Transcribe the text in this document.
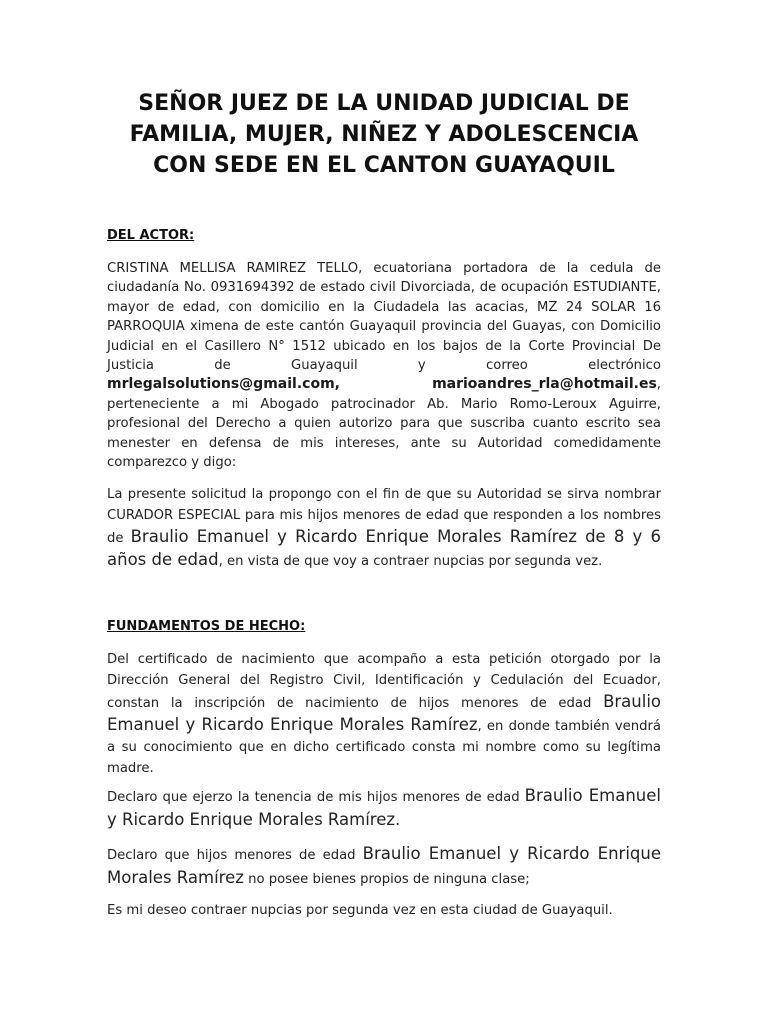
SEÑOR JUEZ DE LA UNIDAD JUDICIAL DE
FAMILIA, MUJER, NIÑEZ Y ADOLESCENCIA
CON SEDE EN EL CANTON GUAYAQUIL

DEL ACTOR:

CRISTINA MELLISA RAMIREZ TELLO, ecuatoriana portadora de la cedula de ciudadanía No. 0931694392 de estado civil Divorciada, de ocupación ESTUDIANTE, mayor de edad, con domicilio en la Ciudadela las acacias, MZ 24 SOLAR 16 PARROQUIA ximena de este cantón Guayaquil provincia del Guayas, con Domicilio Judicial en el Casillero N° 1512 ubicado en los bajos de la Corte Provincial De Justicia de Guayaquil y correo electrónico

mrlegalsolutions@gmail.com,	marioandres_rla@hotmail.es,

perteneciente a mi Abogado patrocinador Ab. Mario Romo-Leroux Aguirre, profesional del Derecho a quien autorizo para que suscriba cuanto escrito sea menester en defensa de mis intereses, ante su Autoridad comedidamente comparezco y digo:

La presente solicitud la propongo con el fin de que su Autoridad se sirva nombrar CURADOR ESPECIAL para mis hijos menores de edad que responden a los nombres de Braulio Emanuel y Ricardo Enrique Morales Ramírez de 8 y 6 años de edad, en vista de que voy a contraer nupcias por segunda vez.

FUNDAMENTOS DE HECHO:

Del certificado de nacimiento que acompaño a esta petición otorgado por la Dirección General del Registro Civil, Identificación y Cedulación del Ecuador, constan la inscripción de nacimiento de hijos menores de edad Braulio Emanuel y Ricardo Enrique Morales Ramírez, en donde también vendrá a su conocimiento que en dicho certificado consta mi nombre como su legítima madre.

Declaro que ejerzo la tenencia de mis hijos menores de edad Braulio Emanuel y Ricardo Enrique Morales Ramírez.

Declaro que hijos menores de edad Braulio Emanuel y Ricardo Enrique Morales Ramírez no posee bienes propios de ninguna clase;

Es mi deseo contraer nupcias por segunda vez en esta ciudad de Guayaquil.
